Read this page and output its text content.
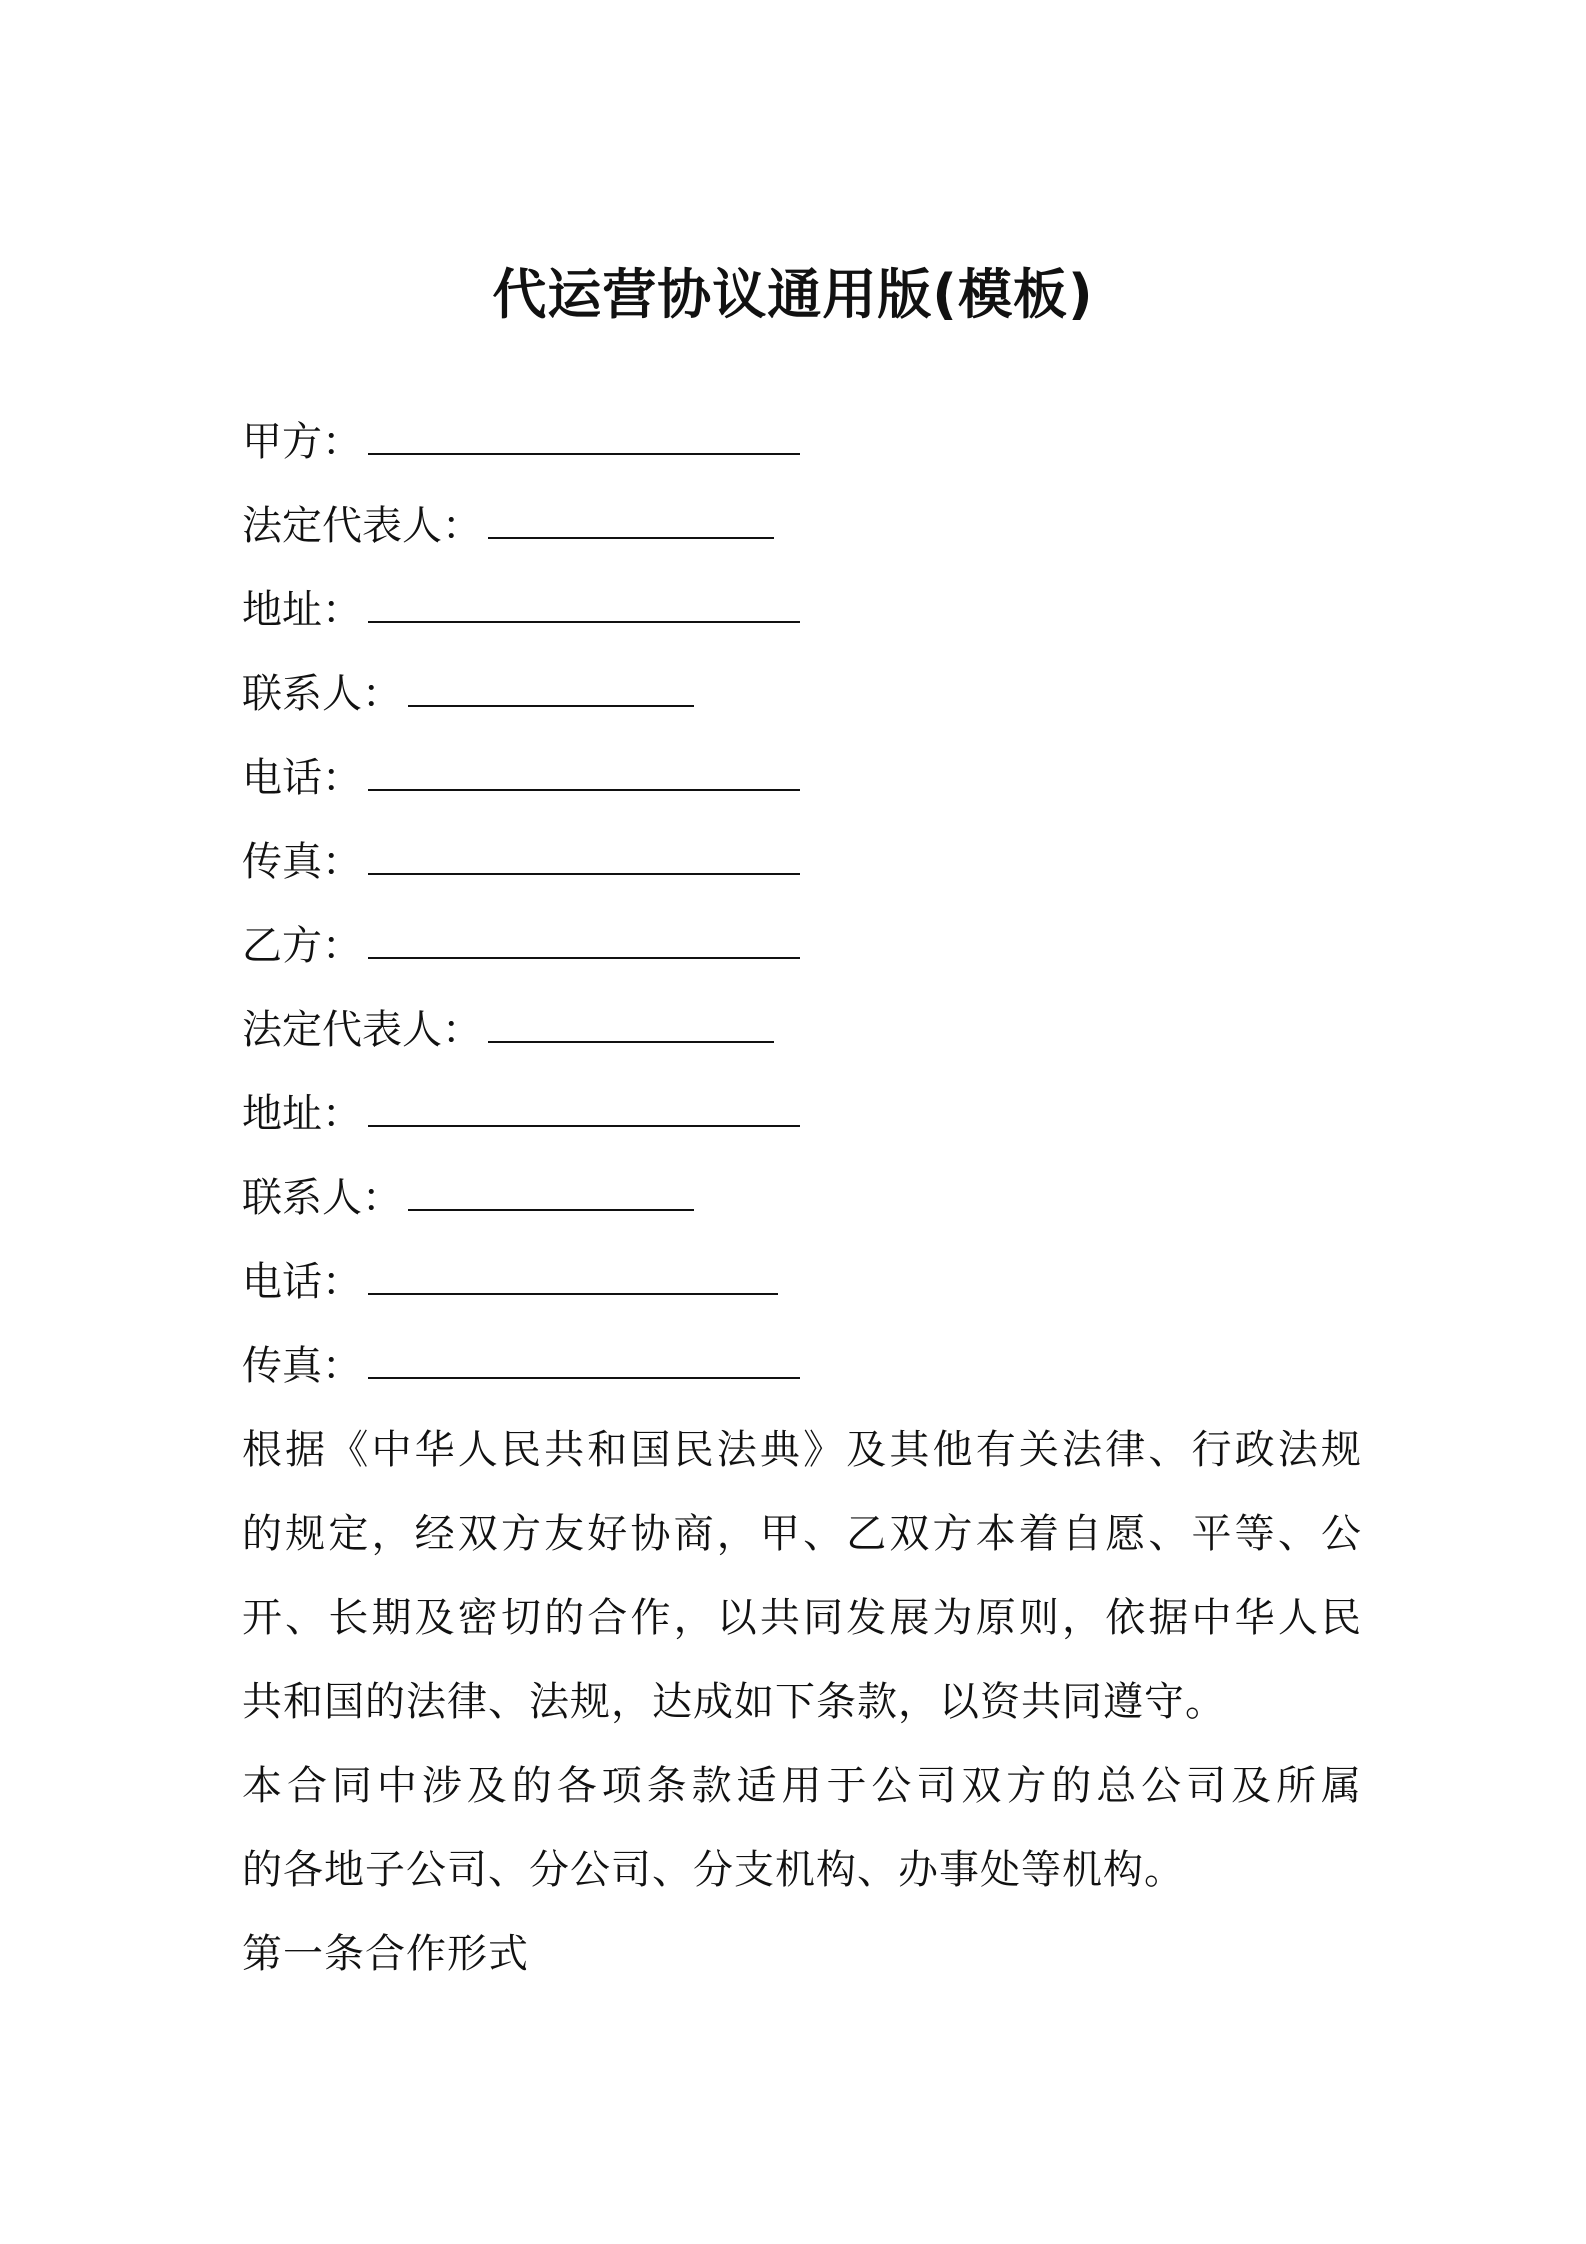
代运营协议通用版(模板)
甲方：
法定代表人：
地址：
联系人：
电话：
传真：
乙方：
法定代表人：
地址：
联系人：
电话：
传真：
根据《中华人民共和国民法典》及其他有关法律、行政法规
的规定，经双方友好协商，甲、乙双方本着自愿、平等、公
开、长期及密切的合作，以共同发展为原则，依据中华人民
共和国的法律、法规，达成如下条款，以资共同遵守。
本合同中涉及的各项条款适用于公司双方的总公司及所属
的各地子公司、分公司、分支机构、办事处等机构。
第一条合作形式
